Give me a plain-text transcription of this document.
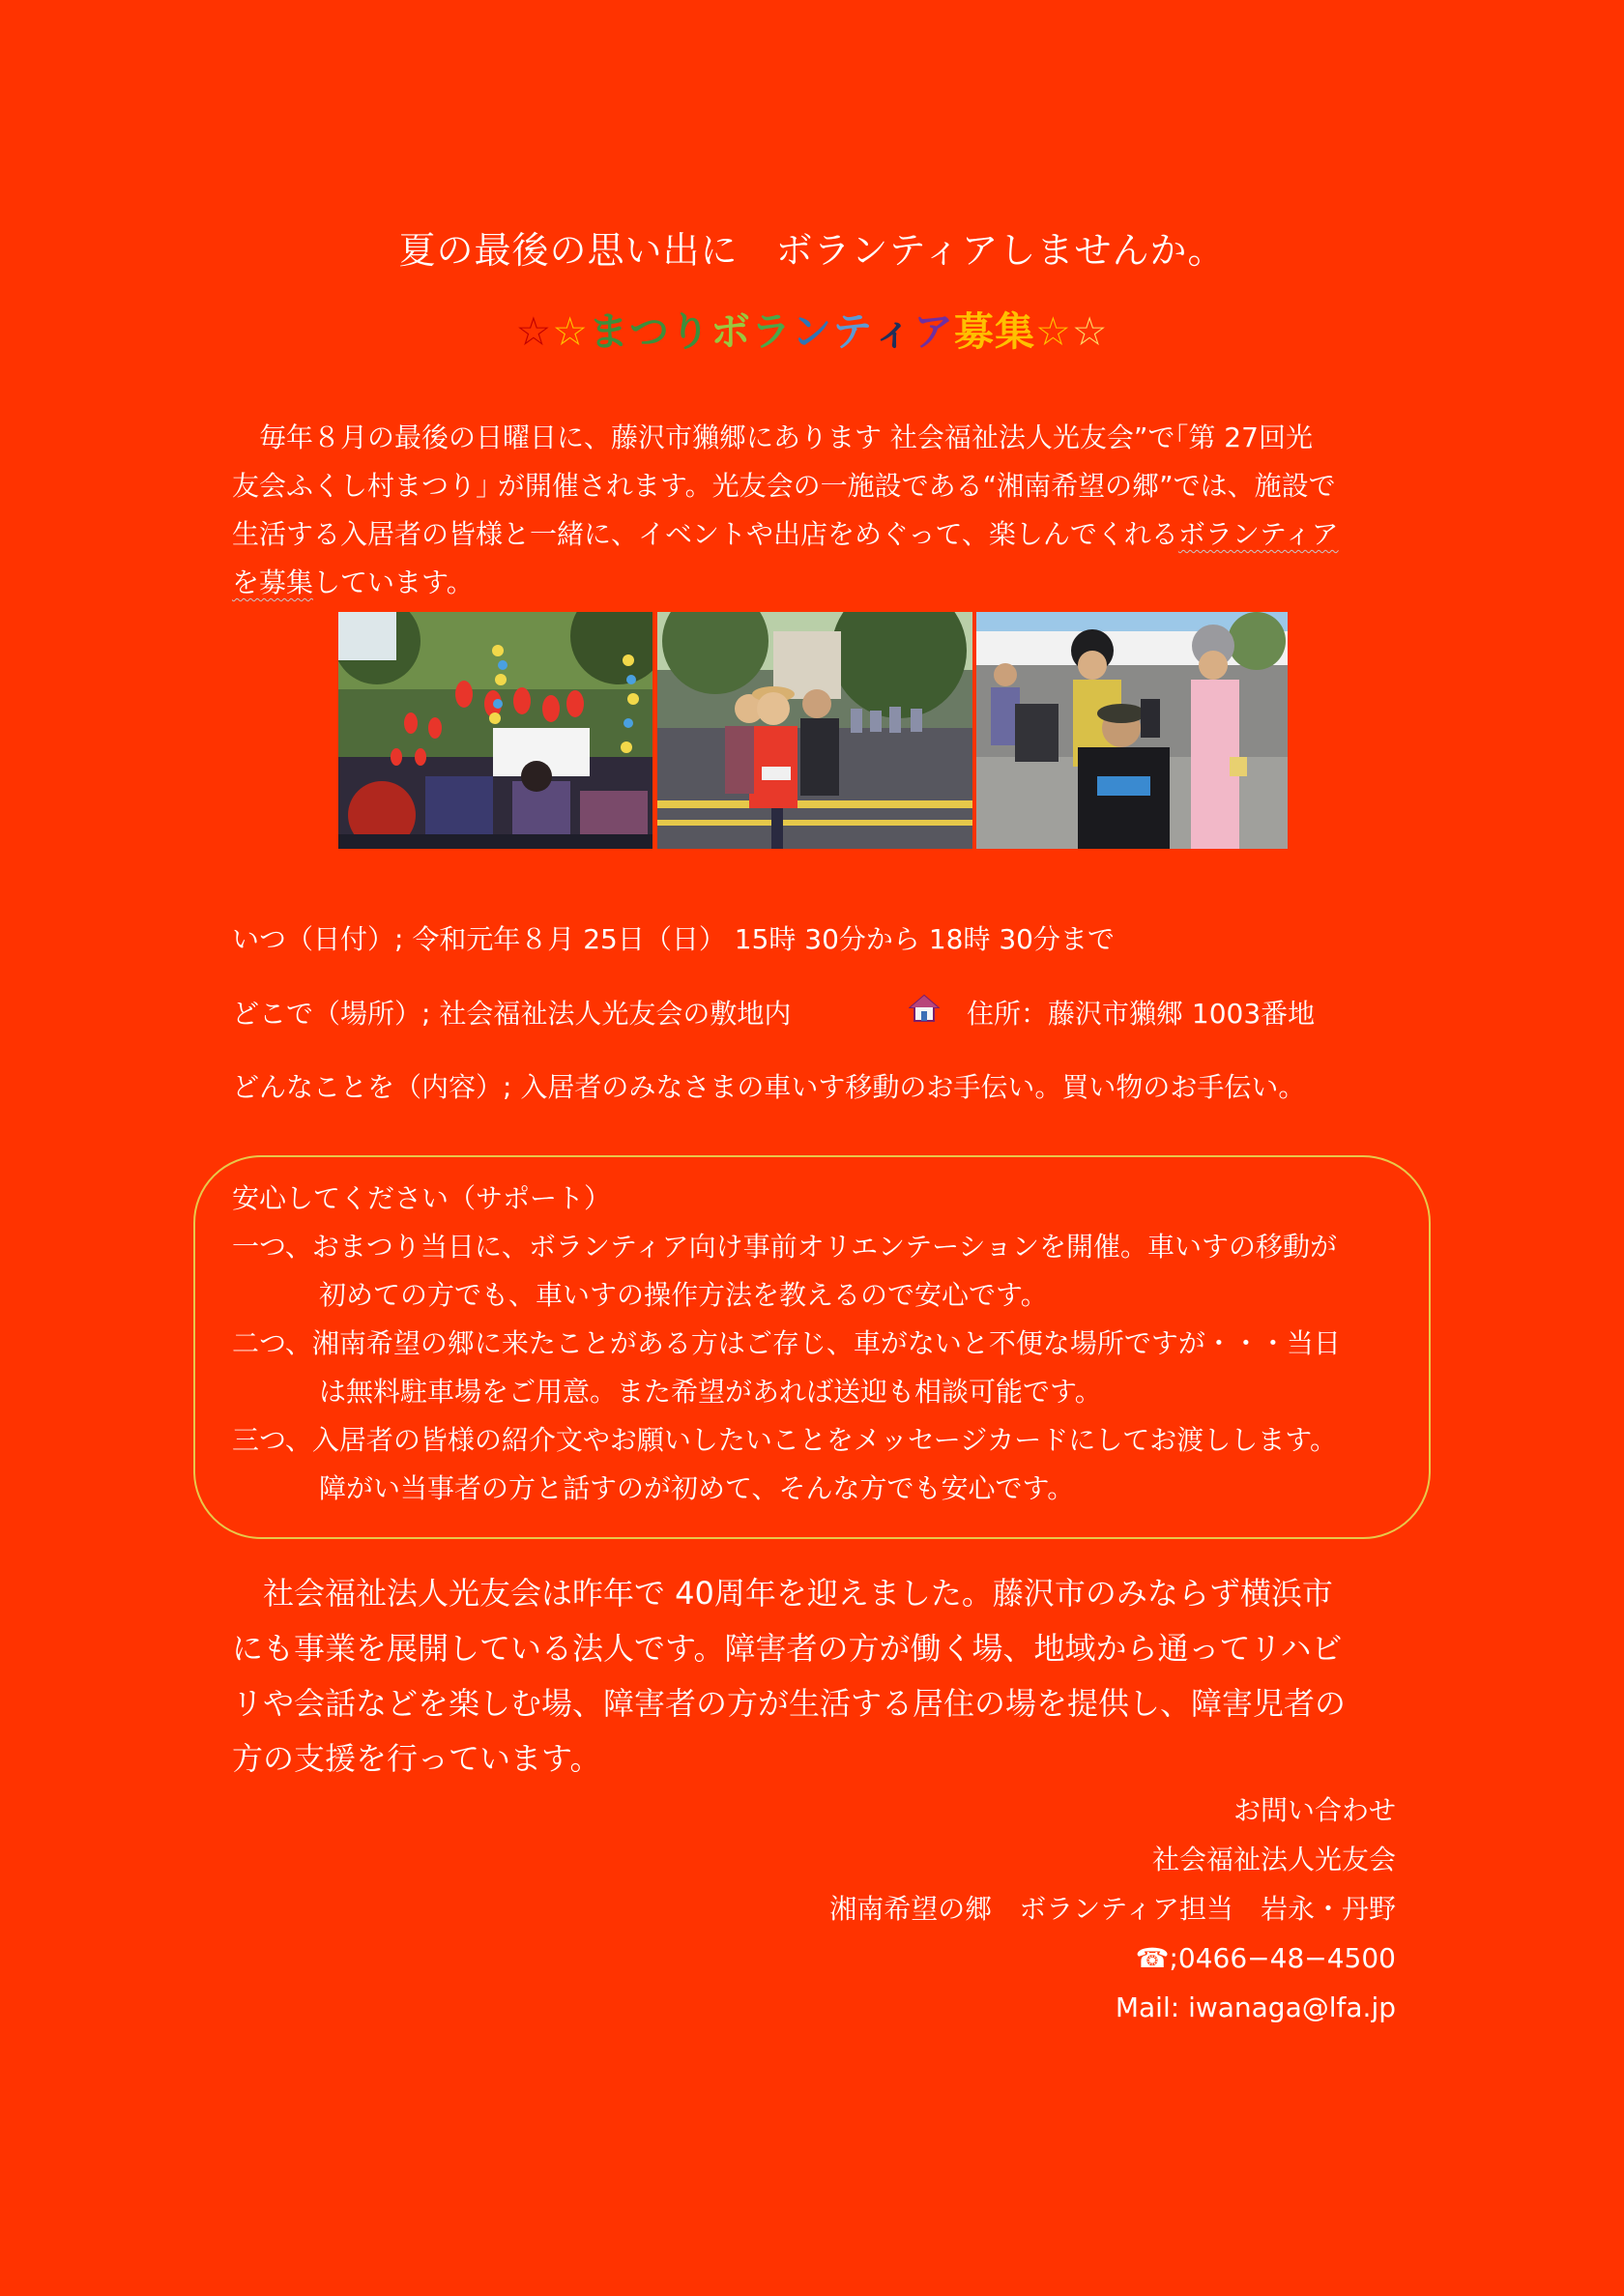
夏の最後の思い出に　ボランティアしませんか。
☆☆まつりボランティア募集☆☆

　毎年８月の最後の日曜日に、藤沢市獺郷にあります 社会福祉法人光友会”で｢第 27回光

友会ふくし村まつり｣ が開催されます。光友会の一施設である“湘南希望の郷”では、施設で

生活する入居者の皆様と一緒に、イベントや出店をめぐって、楽しんでくれるボランティア

を募集しています。

いつ（日付）; 令和元年８月 25日（日） 15時 30分から 18時 30分まで
どこで（場所）; 社会福祉法人光友会の敷地内	住所：藤沢市獺郷 1003番地
どんなことを（内容）; 入居者のみなさまの車いす移動のお手伝い。買い物のお手伝い。
安心してください（サポート）
一つ、おまつり当日に、ボランティア向け事前オリエンテーションを開催。車いすの移動が
初めての方でも、車いすの操作方法を教えるので安心です。
二つ、湘南希望の郷に来たことがある方はご存じ、車がないと不便な場所ですが・・・当日
は無料駐車場をご用意。また希望があれば送迎も相談可能です。
三つ、入居者の皆様の紹介文やお願いしたいことをメッセージカードにしてお渡しします。
障がい当事者の方と話すのが初めて、そんな方でも安心です。
　社会福祉法人光友会は昨年で 40周年を迎えました。藤沢市のみならず横浜市
にも事業を展開している法人です。障害者の方が働く場、地域から通ってリハビ
リや会話などを楽しむ場、障害者の方が生活する居住の場を提供し、障害児者の
方の支援を行っています。
お問い合わせ
社会福祉法人光友会
湘南希望の郷　ボランティア担当　岩永・丹野
☎;0466−48−4500
Mail: iwanaga@lfa.jp
